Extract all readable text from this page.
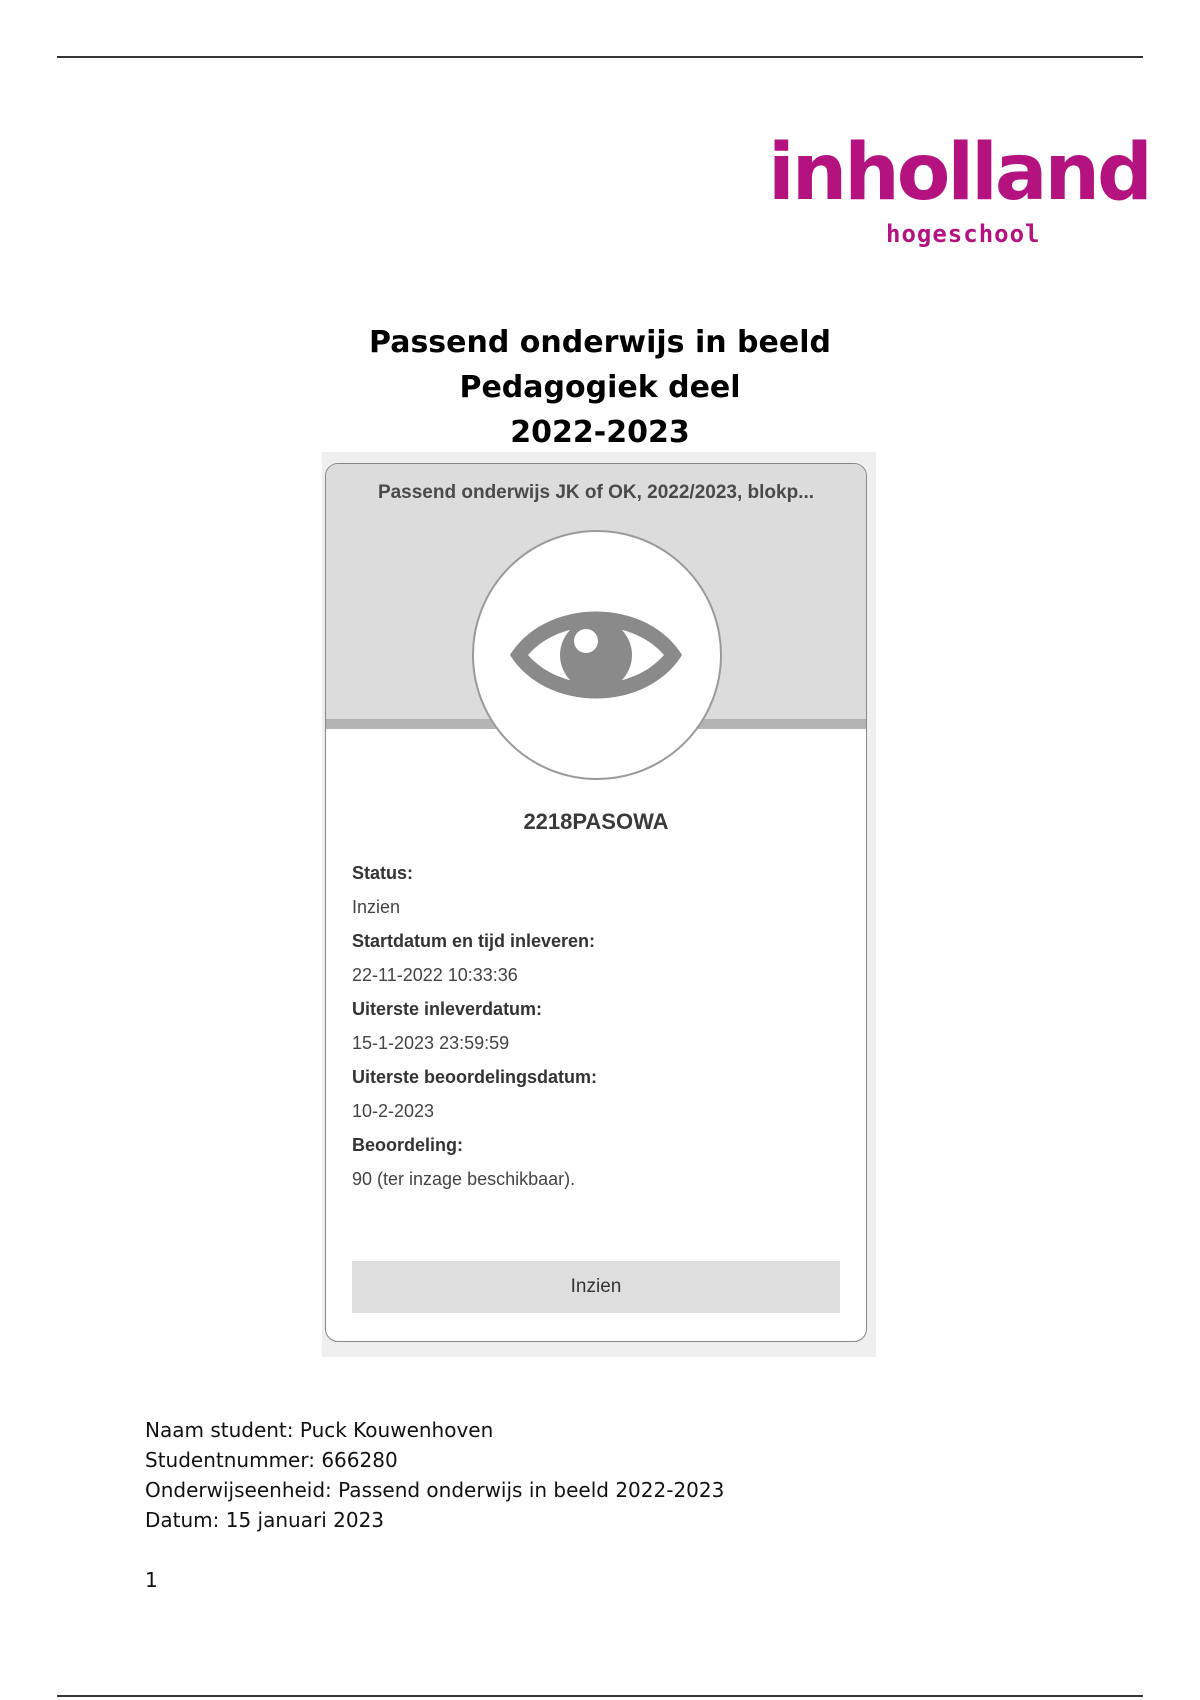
inholland
hogeschool
Passend onderwijs in beeld
Pedagogiek deel
2022-2023
Passend onderwijs JK of OK, 2022/2023, blokp...
2218PASOWA
Status:
Inzien
Startdatum en tijd inleveren:
22-11-2022 10:33:36
Uiterste inleverdatum:
15-1-2023 23:59:59
Uiterste beoordelingsdatum:
10-2-2023
Beoordeling:
90 (ter inzage beschikbaar).
Inzien
Naam student: Puck Kouwenhoven
Studentnummer: 666280
Onderwijseenheid: Passend onderwijs in beeld 2022-2023
Datum: 15 januari 2023
1
